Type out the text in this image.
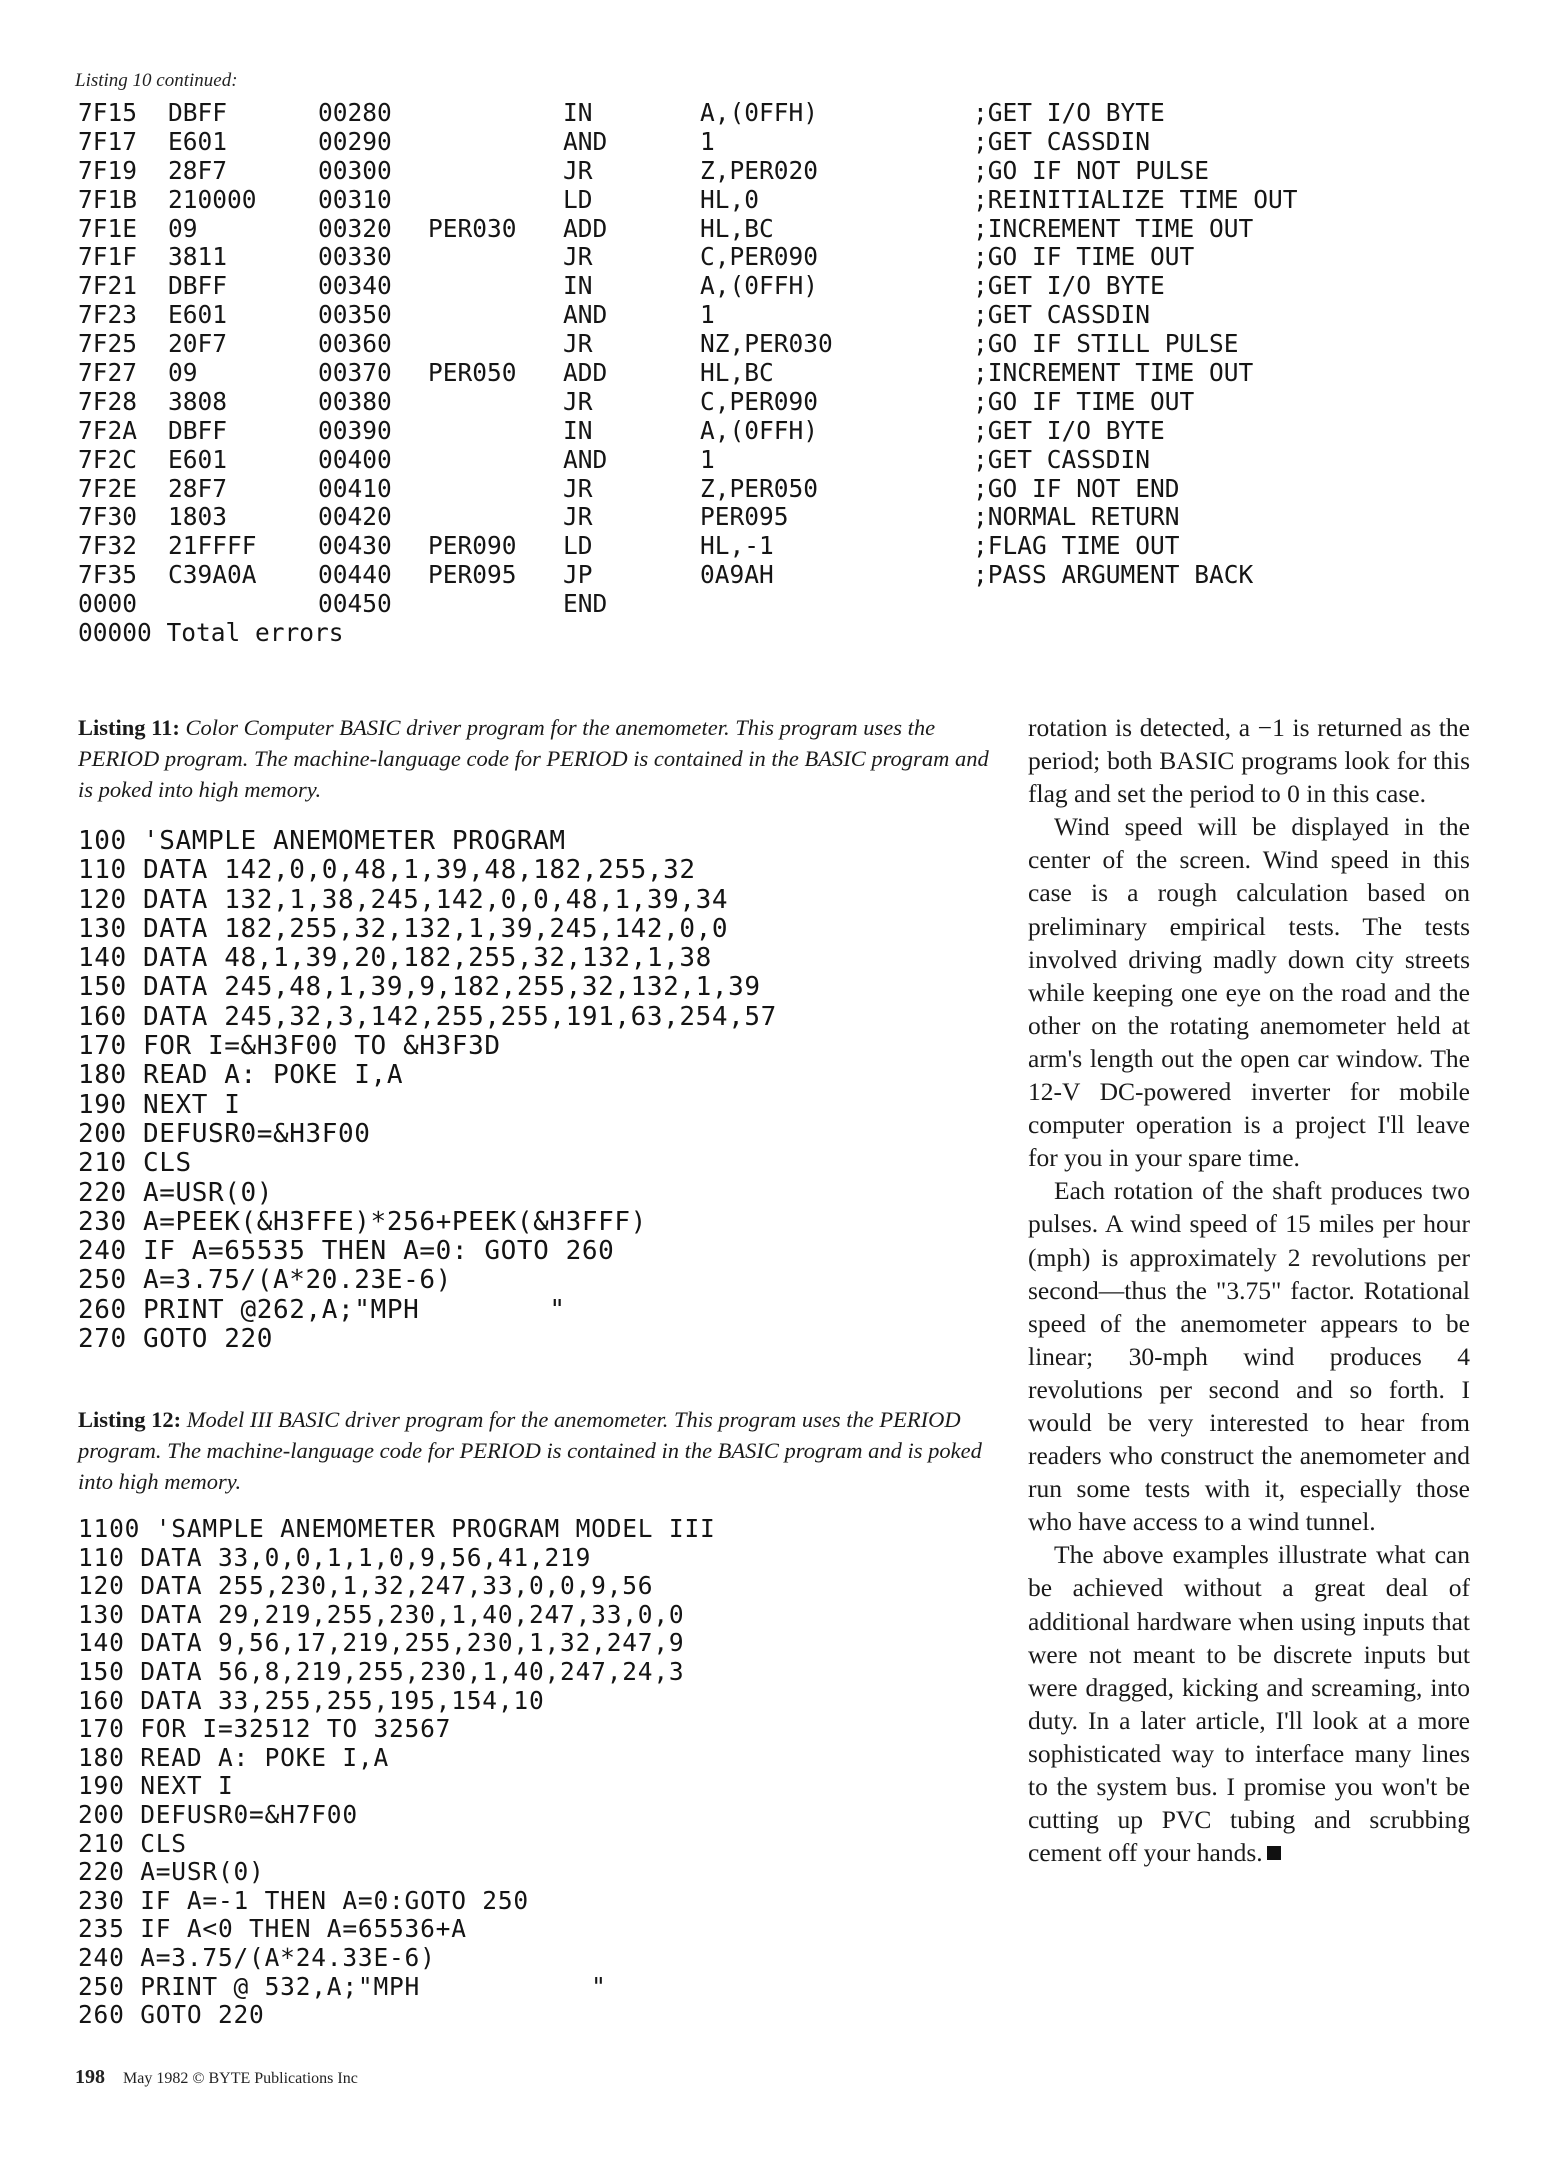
Listing 10 continued:
7F15 DBFF	00280	IN	A,(0FFH)	;GET I/O BYTE
7F17 E601	00290	AND	1	;GET CASSDIN
7F19 28F7	00300	JR	Z,PER020	;GO IF NOT PULSE
7F1B 210000	00310	LD	HL,0	;REINITIALIZE TIME OUT
7F1E 09	00320 PER030 ADD	HL,BC	;INCREMENT TIME OUT
7F1F 3811	00330	JR	C,PER090	;GO IF TIME OUT
7F21 DBFF	00340	IN	A,(0FFH)	;GET I/O BYTE
7F23 E601	00350	AND	1	;GET CASSDIN
7F25 20F7	00360	JR	NZ,PER030	;GO IF STILL PULSE
7F27 09	00370 PER050 ADD	HL,BC	;INCREMENT TIME OUT
7F28 3808	00380	JR	C,PER090	;GO IF TIME OUT
7F2A DBFF	00390	IN	A,(0FFH)	;GET I/O BYTE
7F2C E601	00400	AND	1	;GET CASSDIN
7F2E 28F7	00410	JR	Z,PER050	;GO IF NOT END
7F30 1803	00420	JR	PER095	;NORMAL RETURN
7F32 21FFFF	00430 PER090 LD	HL,-1	;FLAG TIME OUT
7F35 C39A0A	00440 PER095 JP	0A9AH	;PASS ARGUMENT BACK
0000	00450	END
00000 Total errors
Listing 11: Color Computer BASIC driver program for the anemometer. This program uses the PERIOD program. The machine-language code for PERIOD is contained in the BASIC program and is poked into high memory.
100 'SAMPLE ANEMOMETER PROGRAM
110 DATA 142,0,0,48,1,39,48,182,255,32
120 DATA 132,1,38,245,142,0,0,48,1,39,34
130 DATA 182,255,32,132,1,39,245,142,0,0
140 DATA 48,1,39,20,182,255,32,132,1,38
150 DATA 245,48,1,39,9,182,255,32,132,1,39
160 DATA 245,32,3,142,255,255,191,63,254,57
170 FOR I=&H3F00 TO &H3F3D
180 READ A: POKE I,A
190 NEXT I
200 DEFUSR0=&H3F00
210 CLS
220 A=USR(0)
230 A=PEEK(&H3FFE)*256+PEEK(&H3FFF)
240 IF A=65535 THEN A=0: GOTO 260
250 A=3.75/(A*20.23E-6)
260 PRINT @262,A;"MPH        "
270 GOTO 220
Listing 12: Model III BASIC driver program for the anemometer. This program uses the PERIOD program. The machine-language code for PERIOD is contained in the BASIC program and is poked into high memory.
1100 'SAMPLE ANEMOMETER PROGRAM MODEL III
110 DATA 33,0,0,1,1,0,9,56,41,219
120 DATA 255,230,1,32,247,33,0,0,9,56
130 DATA 29,219,255,230,1,40,247,33,0,0
140 DATA 9,56,17,219,255,230,1,32,247,9
150 DATA 56,8,219,255,230,1,40,247,24,3
160 DATA 33,255,255,195,154,10
170 FOR I=32512 TO 32567
180 READ A: POKE I,A
190 NEXT I
200 DEFUSR0=&H7F00
210 CLS
220 A=USR(0)
230 IF A=-1 THEN A=0:GOTO 250
235 IF A<0 THEN A=65536+A
240 A=3.75/(A*24.33E-6)
250 PRINT @ 532,A;"MPH           "
260 GOTO 220

rotation is detected, a −1 is returned as the period; both BASIC programs look for this flag and set the period to 0 in this case.

Wind speed will be displayed in the center of the screen. Wind speed in this case is a rough calculation based on preliminary empirical tests. The tests involved driving madly down city streets while keeping one eye on the road and the other on the rotating anemometer held at arm's length out the open car window. The 12-V DC-powered inverter for mobile computer operation is a project I'll leave for you in your spare time.

Each rotation of the shaft produces two pulses. A wind speed of 15 miles per hour (mph) is approximately 2 revolutions per second—thus the "3.75" factor. Rotational speed of the anemometer appears to be linear; 30-mph wind produces 4 revolutions per second and so forth. I would be very interested to hear from readers who construct the anemometer and run some tests with it, especially those who have access to a wind tunnel.

The above examples illustrate what can be achieved without a great deal of additional hardware when using inputs that were not meant to be discrete inputs but were dragged, kicking and screaming, into duty. In a later article, I'll look at a more sophisticated way to interface many lines to the system bus. I promise you won't be cutting up PVC tubing and scrubbing cement off your hands.

198 May 1982 © BYTE Publications Inc
